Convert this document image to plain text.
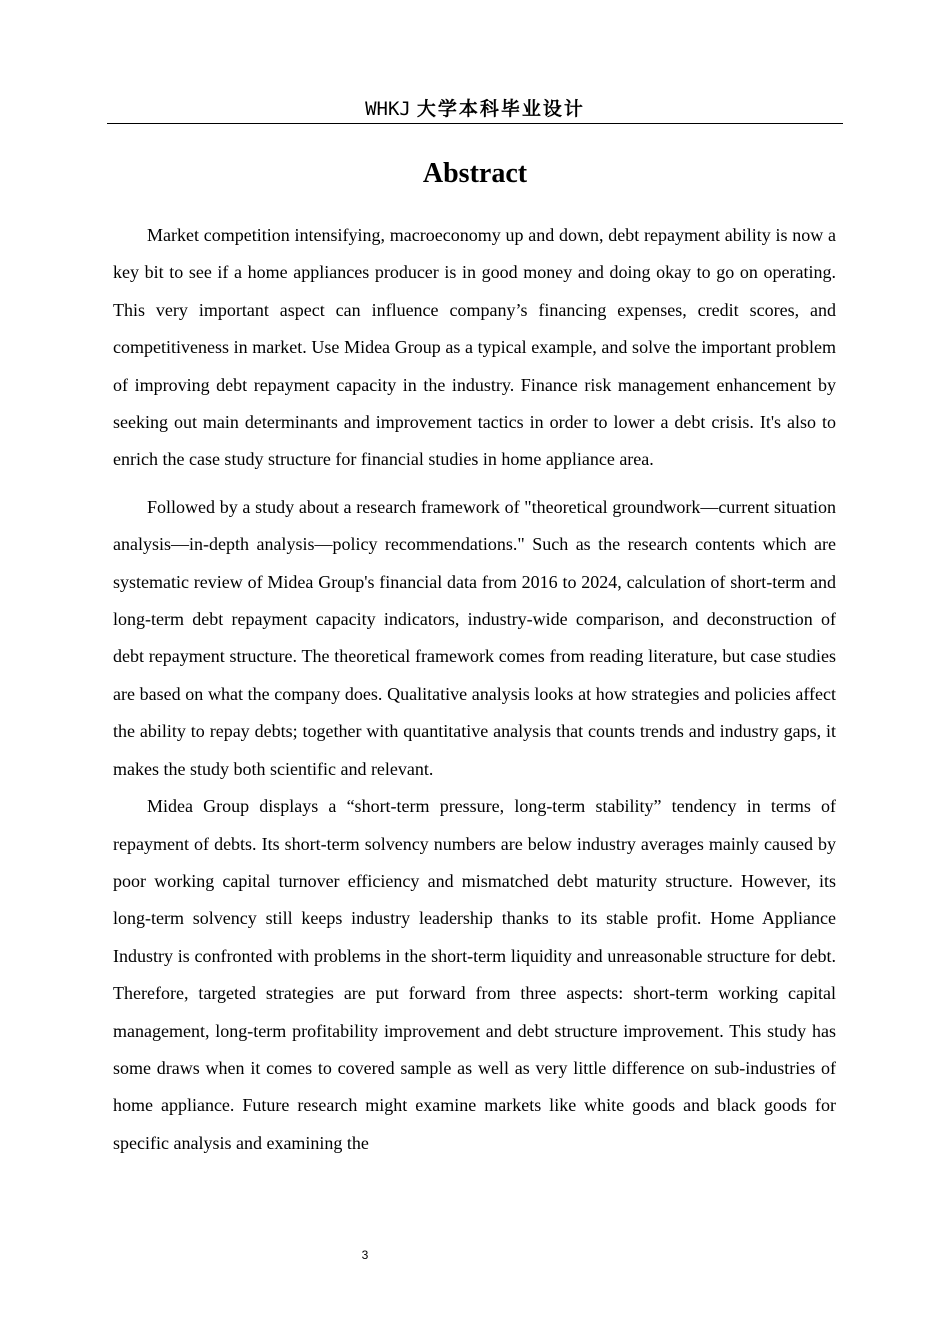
WHKJ 大学本科毕业设计
Abstract

Market competition intensifying, macroeconomy up and down, debt repayment ability is now a key bit to see if a home appliances producer is in good money and doing okay to go on operating. This very important aspect can influence company’s financing expenses, credit scores, and competitiveness in market. Use Midea Group as a typical example, and solve the important problem of improving debt repayment capacity in the industry. Finance risk management enhancement by seeking out main determinants and improvement tactics in order to lower a debt crisis. It's also to enrich the case study structure for financial studies in home appliance area.

Followed by a study about a research framework of "theoretical groundwork—current situation analysis—in-depth analysis—policy recommendations." Such as the research contents which are systematic review of Midea Group's financial data from 2016 to 2024, calculation of short-term and long-term debt repayment capacity indicators, industry-wide comparison, and deconstruction of debt repayment structure. The theoretical framework comes from reading literature, but case studies are based on what the company does. Qualitative analysis looks at how strategies and policies affect the ability to repay debts; together with quantitative analysis that counts trends and industry gaps, it makes the study both scientific and relevant.

Midea Group displays a “short-term pressure, long-term stability” tendency in terms of repayment of debts. Its short-term solvency numbers are below industry averages mainly caused by poor working capital turnover efficiency and mismatched debt maturity structure. However, its long-term solvency still keeps industry leadership thanks to its stable profit. Home Appliance Industry is confronted with problems in the short-term liquidity and unreasonable structure for debt. Therefore, targeted strategies are put forward from three aspects: short-term working capital management, long-term profitability improvement and debt structure improvement. This study has some draws when it comes to covered sample as well as very little difference on sub-industries of home appliance. Future research might examine markets like white goods and black goods for specific analysis and examining the

3
